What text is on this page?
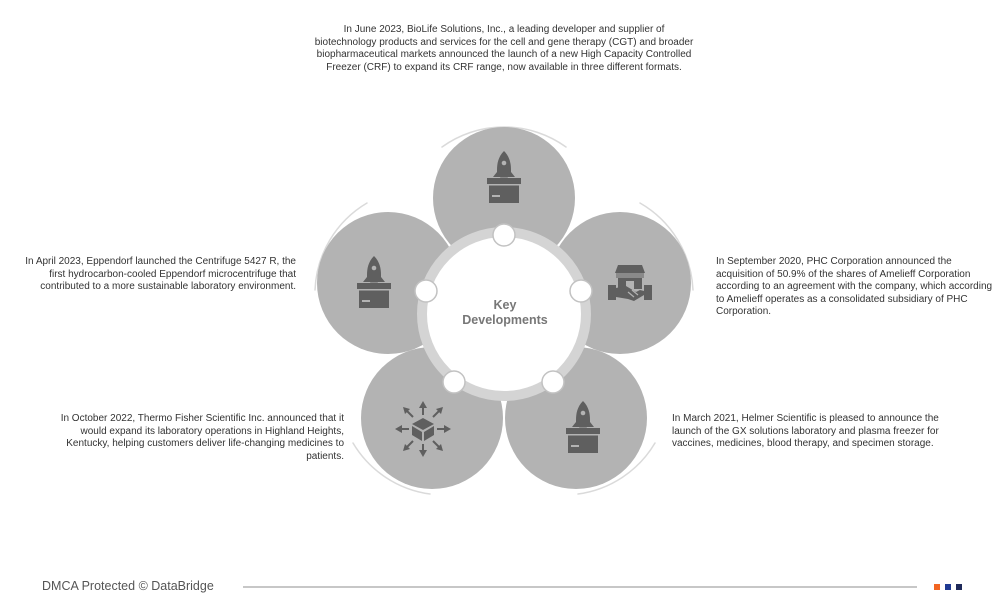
In June 2023, BioLife Solutions, Inc., a leading developer and supplier of biotechnology products and services for the cell and gene therapy (CGT) and broader biopharmaceutical markets announced the launch of a new High Capacity Controlled Freezer (CRF) to expand its CRF range, now available in three different formats.

In April 2023, Eppendorf launched the Centrifuge 5427 R, the first hydrocarbon-cooled Eppendorf microcentrifuge that contributed to a more sustainable laboratory environment.

In September 2020, PHC Corporation announced the acquisition of 50.9% of the shares of Amelieff Corporation according to an agreement with the company, which according to Amelieff operates as a consolidated subsidiary of PHC Corporation.

In October 2022, Thermo Fisher Scientific Inc. announced that it would expand its laboratory operations in Highland Heights, Kentucky, helping customers deliver life-changing medicines to patients.

In March 2021, Helmer Scientific is pleased to announce the launch of the GX solutions laboratory and plasma freezer for vaccines, medicines, blood therapy, and specimen storage.

Key
Developments
DMCA Protected © DataBridge
